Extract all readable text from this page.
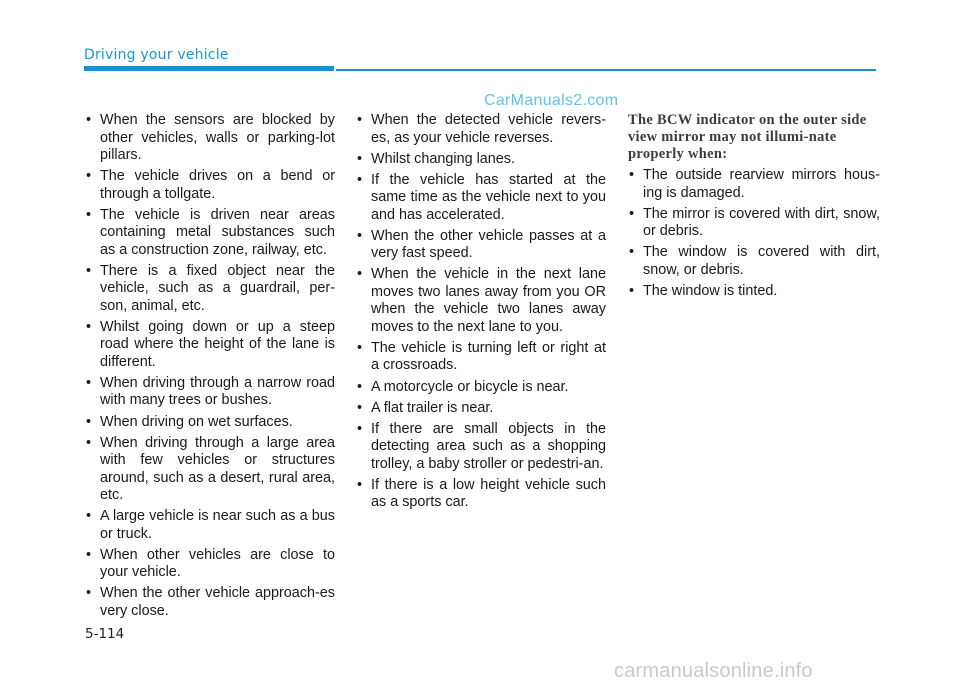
Driving your vehicle
CarManuals2.com
• When the sensors are blocked by other vehicles, walls or parking-lot pillars.
• The vehicle drives on a bend or through a tollgate.
• The vehicle is driven near areas containing metal substances such as a construction zone, railway, etc.
• There is a fixed object near the vehicle, such as a guardrail, per-son, animal, etc.
• Whilst going down or up a steep road where the height of the lane is different.
• When driving through a narrow road with many trees or bushes.
• When driving on wet surfaces.
• When driving through a large area with few vehicles or structures around, such as a desert, rural area, etc.
• A large vehicle is near such as a bus or truck.
• When other vehicles are close to your vehicle.
• When the other vehicle approach-es very close.
• When the detected vehicle revers-es, as your vehicle reverses.
• Whilst changing lanes.
• If the vehicle has started at the same time as the vehicle next to you and has accelerated.
• When the other vehicle passes at a very fast speed.
• When the vehicle in the next lane moves two lanes away from you OR when the vehicle two lanes away moves to the next lane to you.
• The vehicle is turning left or right at a crossroads.
• A motorcycle or bicycle is near.
• A flat trailer is near.
• If there are small objects in the detecting area such as a shopping trolley, a baby stroller or pedestri-an.
• If there is a low height vehicle such as a sports car.

The BCW indicator on the outer side view mirror may not illumi-nate properly when:

• The outside rearview mirrors hous-ing is damaged.
• The mirror is covered with dirt, snow, or debris.
• The window is covered with dirt, snow, or debris.
• The window is tinted.
5-114
carmanualsonline.info
